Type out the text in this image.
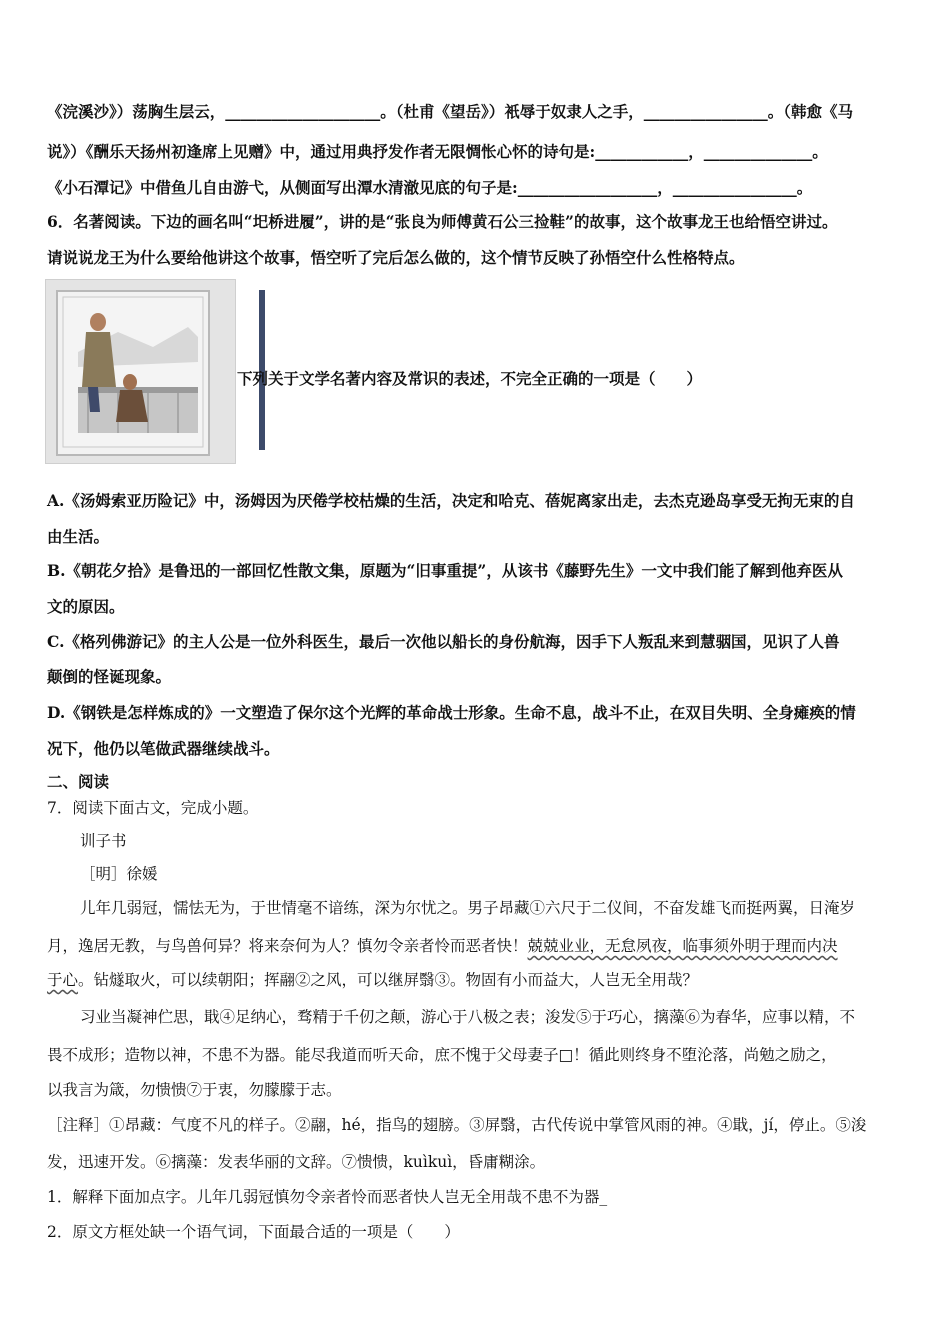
《浣溪沙》）荡胸生层云，____________________。（杜甫《望岳》）衹辱于奴隶人之手，________________。（韩愈《马
说》）《酬乐天扬州初逢席上见赠》中，通过用典抒发作者无限惆怅心怀的诗句是:____________，______________。
《小石潭记》中借鱼儿自由游弋，从侧面写出潭水清澈见底的句子是:__________________，________________。
6．名著阅读。下边的画名叫“圯桥进履”，讲的是“张良为师傅黄石公三捡鞋”的故事，这个故事龙王也给悟空讲过。
请说说龙王为什么要给他讲这个故事，悟空听了完后怎么做的，这个情节反映了孙悟空什么性格特点。
下列关于文学名著内容及常识的表述，不完全正确的一项是（　　）
A.《汤姆索亚历险记》中，汤姆因为厌倦学校枯燥的生活，决定和哈克、蓓妮离家出走，去杰克逊岛享受无拘无束的自
由生活。
B.《朝花夕拾》是鲁迅的一部回忆性散文集，原题为“旧事重提”，从该书《藤野先生》一文中我们能了解到他弃医从
文的原因。
C.《格列佛游记》的主人公是一位外科医生，最后一次他以船长的身份航海，因手下人叛乱来到慧骃国，见识了人兽
颠倒的怪诞现象。
D.《钢铁是怎样炼成的》一文塑造了保尔这个光辉的革命战士形象。生命不息，战斗不止，在双目失明、全身瘫痪的情
况下，他仍以笔做武器继续战斗。
二、阅读
7．阅读下面古文，完成小题。
训子书
［明］徐媛
儿年几弱冠，懦怯无为，于世情毫不谙练，深为尔忧之。男子昂藏①六尺于二仪间，不奋发雄飞而挺两翼，日淹岁
月，逸居无教，与鸟兽何异？将来奈何为人？慎勿令亲者怜而恶者快！兢兢业业，无怠夙夜，临事须外明于理而内决
于心。钻燧取火，可以续朝阳；挥翮②之风，可以继屏翳③。物固有小而益大，人岂无全用哉？
习业当凝神伫思，戢④足纳心，骛精于千仞之颠，游心于八极之表；浚发⑤于巧心，摛藻⑥为春华，应事以精，不
畏不成形；造物以神，不患不为器。能尽我道而听天命，庶不愧于父母妻子□！循此则终身不堕沦落，尚勉之励之，
以我言为箴，勿愦愦⑦于衷，勿朦朦于志。
［注释］①昂藏：气度不凡的样子。②翮，hé，指鸟的翅膀。③屏翳，古代传说中掌管风雨的神。④戢，jí，停止。⑤浚
发，迅速开发。⑥摛藻：发表华丽的文辞。⑦愦愦，kuìkuì，昏庸糊涂。
1．解释下面加点字。儿年几弱冠慎勿令亲者怜而恶者快人岂无全用哉不患不为器_
2．原文方框处缺一个语气词，下面最合适的一项是（　　）
